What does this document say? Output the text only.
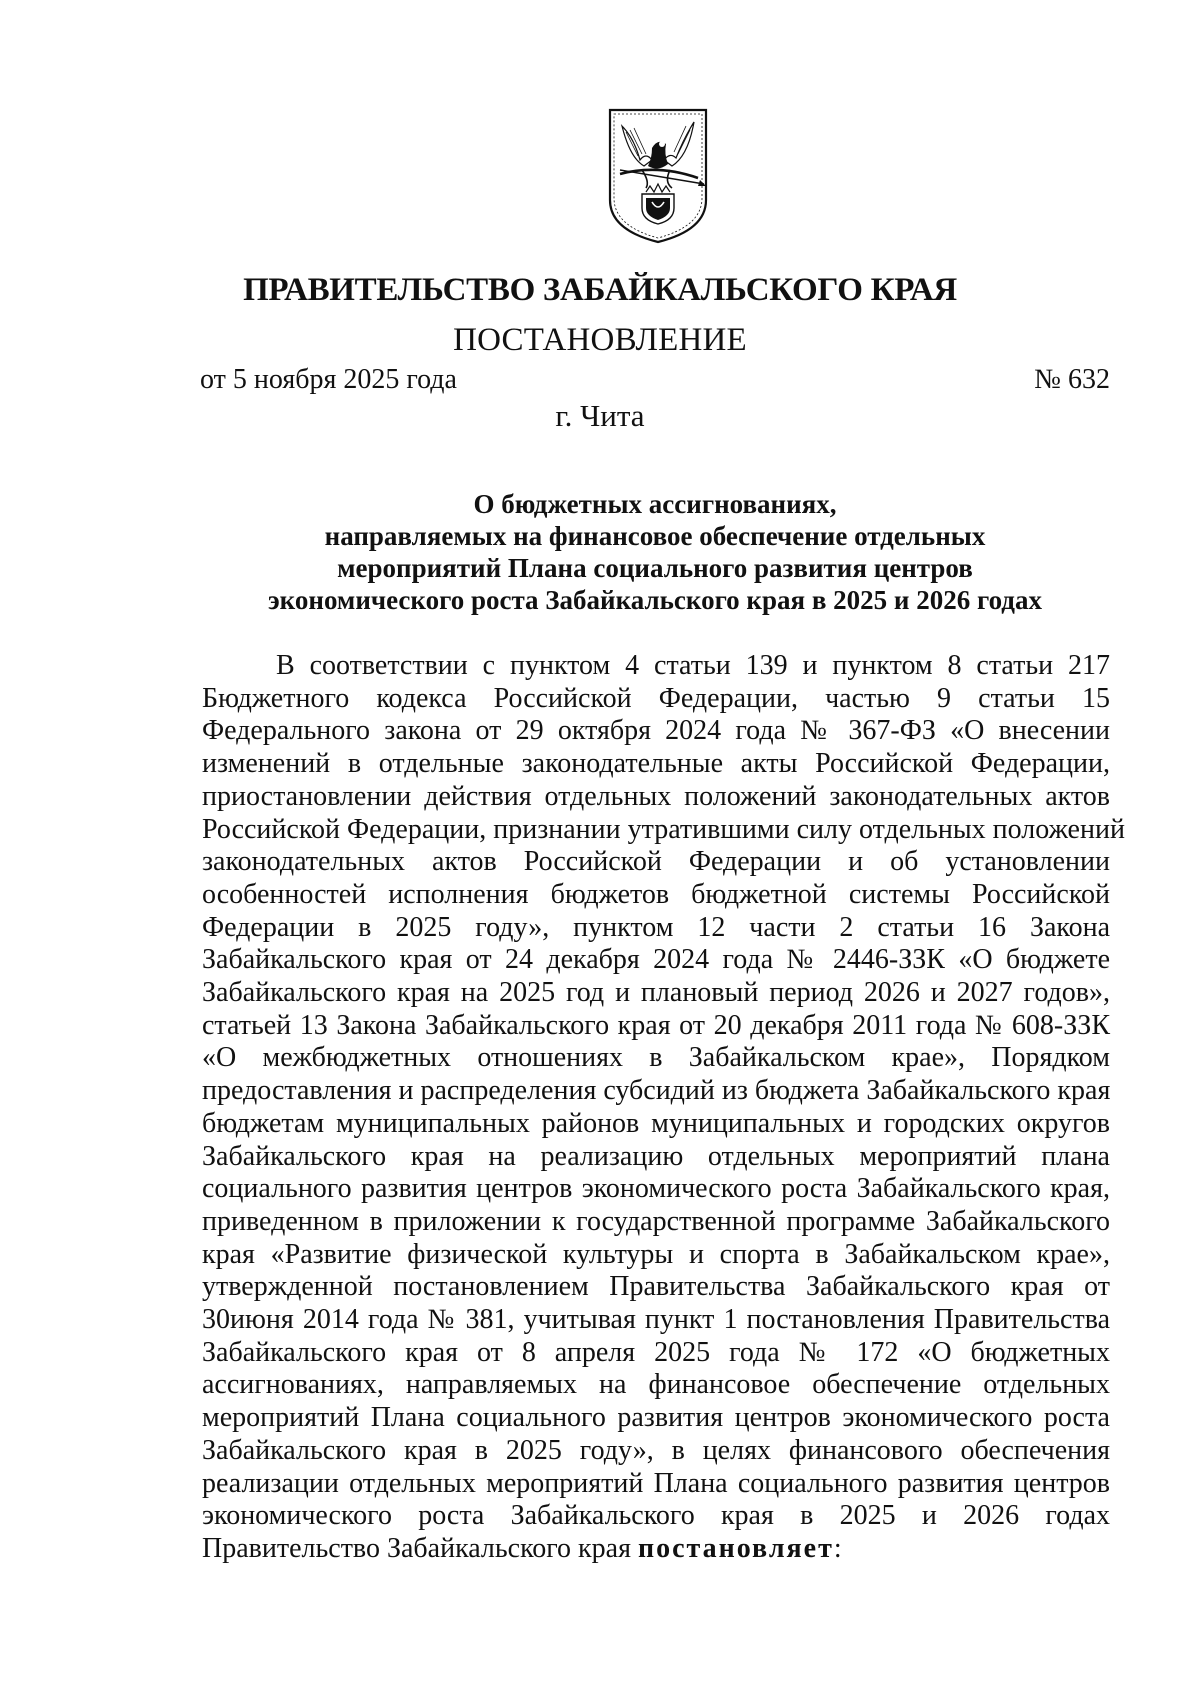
ПРАВИТЕЛЬСТВО ЗАБАЙКАЛЬСКОГО КРАЯ
ПОСТАНОВЛЕНИЕ
от 5 ноября 2025 года	№ 632
г. Чита
О бюджетных ассигнованиях,
направляемых на финансовое обеспечение отдельных
мероприятий Плана социального развития центров
экономического роста Забайкальского края в 2025 и 2026 годах
В соответствии с пунктом 4 статьи 139 и пунктом 8 статьи 217
Бюджетного кодекса Российской Федерации, частью 9 статьи 15
Федерального закона от 29 октября 2024 года № 367-ФЗ «О внесении
изменений в отдельные законодательные акты Российской Федерации,
приостановлении действия отдельных положений законодательных актов
Российской Федерации, признании утратившими силу отдельных положений
законодательных актов Российской Федерации и об установлении
особенностей исполнения бюджетов бюджетной системы Российской
Федерации в 2025 году», пунктом 12 части 2 статьи 16 Закона
Забайкальского края от 24 декабря 2024 года № 2446-ЗЗК «О бюджете
Забайкальского края на 2025 год и плановый период 2026 и 2027 годов»,
статьей 13 Закона Забайкальского края от 20 декабря 2011 года № 608-ЗЗК
«О межбюджетных отношениях в Забайкальском крае», Порядком
предоставления и распределения субсидий из бюджета Забайкальского края
бюджетам муниципальных районов муниципальных и городских округов
Забайкальского края на реализацию отдельных мероприятий плана
социального развития центров экономического роста Забайкальского края,
приведенном в приложении к государственной программе Забайкальского
края «Развитие физической культуры и спорта в Забайкальском крае»,
утвержденной постановлением Правительства Забайкальского края от
30июня 2014 года № 381, учитывая пункт 1 постановления Правительства
Забайкальского края от 8 апреля 2025 года № 172 «О бюджетных
ассигнованиях, направляемых на финансовое обеспечение отдельных
мероприятий Плана социального развития центров экономического роста
Забайкальского края в 2025 году», в целях финансового обеспечения
реализации отдельных мероприятий Плана социального развития центров
экономического роста Забайкальского края в 2025 и 2026 годах
Правительство Забайкальского края постановляет:
